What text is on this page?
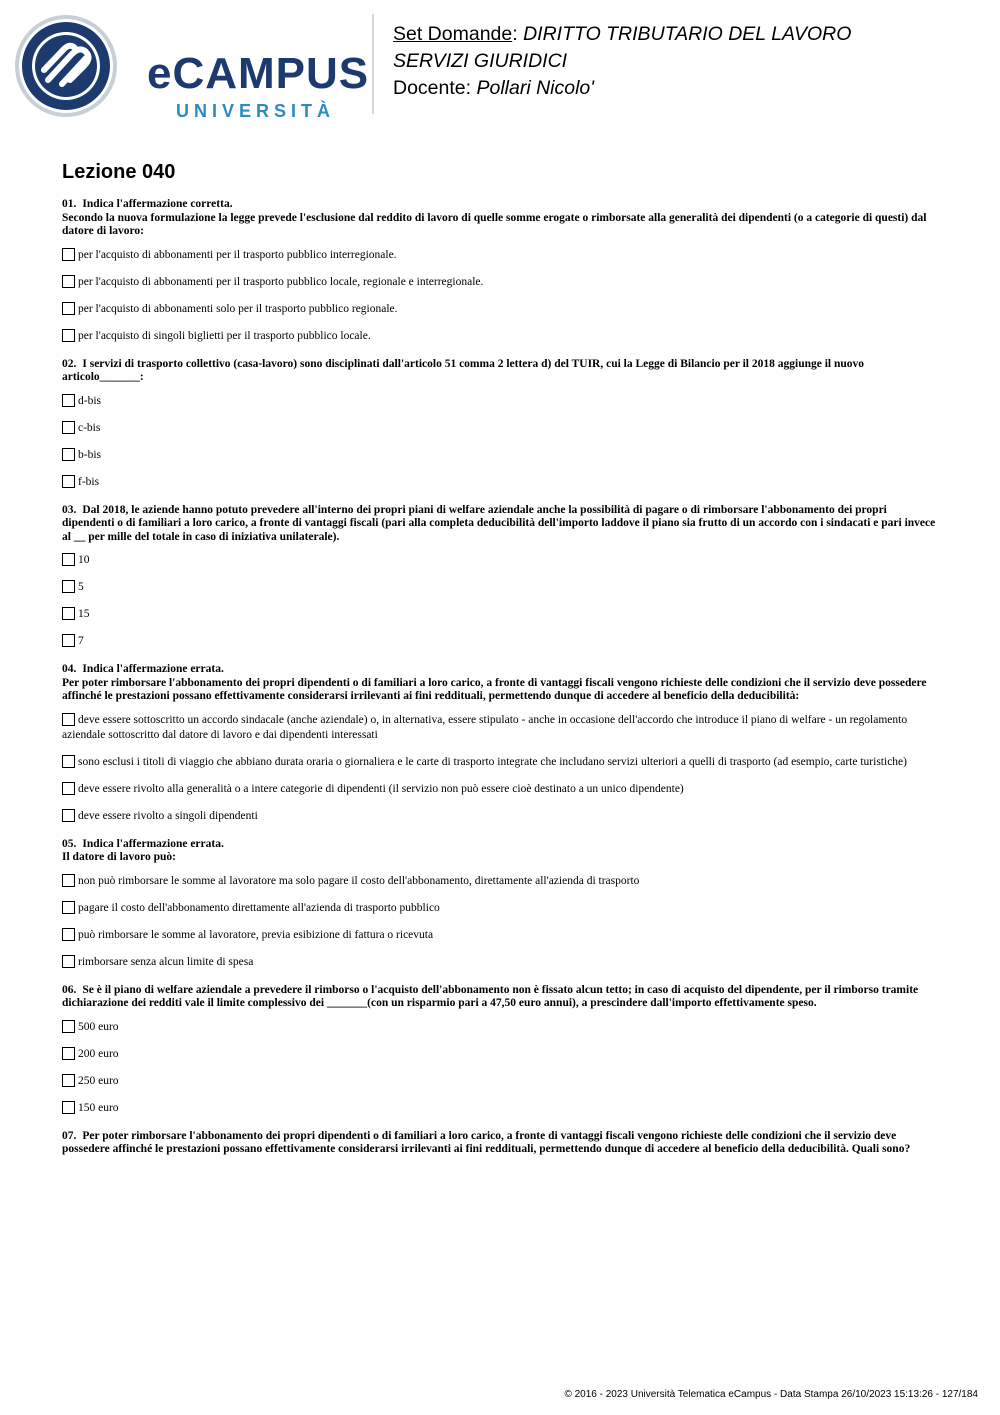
eCAMPUS
UNIVERSITÀ
Set Domande: DIRITTO TRIBUTARIO DEL LAVORO
SERVIZI GIURIDICI
Docente: Pollari Nicolo'
Lezione 040
01. Indica l'affermazione corretta.
Secondo la nuova formulazione la legge prevede l'esclusione dal reddito di lavoro di quelle somme erogate o rimborsate alla generalità dei dipendenti (o a categorie di questi) dal datore di lavoro:
per l'acquisto di abbonamenti per il trasporto pubblico interregionale.
per l'acquisto di abbonamenti per il trasporto pubblico locale, regionale e interregionale.
per l'acquisto di abbonamenti solo per il trasporto pubblico regionale.
per l'acquisto di singoli biglietti per il trasporto pubblico locale.
02. I servizi di trasporto collettivo (casa-lavoro) sono disciplinati dall'articolo 51 comma 2 lettera d) del TUIR, cui la Legge di Bilancio per il 2018 aggiunge il nuovo articolo_______:
d-bis
c-bis
b-bis
f-bis
03. Dal 2018, le aziende hanno potuto prevedere all'interno dei propri piani di welfare aziendale anche la possibilità di pagare o di rimborsare l'abbonamento dei propri dipendenti o di familiari a loro carico, a fronte di vantaggi fiscali (pari alla completa deducibilità dell'importo laddove il piano sia frutto di un accordo con i sindacati e pari invece al __ per mille del totale in caso di iniziativa unilaterale).
10
5
15
7
04. Indica l'affermazione errata.
Per poter rimborsare l'abbonamento dei propri dipendenti o di familiari a loro carico, a fronte di vantaggi fiscali vengono richieste delle condizioni che il servizio deve possedere affinché le prestazioni possano effettivamente considerarsi irrilevanti ai fini reddituali, permettendo dunque di accedere al beneficio della deducibilità:
deve essere sottoscritto un accordo sindacale (anche aziendale) o, in alternativa, essere stipulato - anche in occasione dell'accordo che introduce il piano di welfare - un regolamento aziendale sottoscritto dal datore di lavoro e dai dipendenti interessati
sono esclusi i titoli di viaggio che abbiano durata oraria o giornaliera e le carte di trasporto integrate che includano servizi ulteriori a quelli di trasporto (ad esempio, carte turistiche)
deve essere rivolto alla generalità o a intere categorie di dipendenti (il servizio non può essere cioè destinato a un unico dipendente)
deve essere rivolto a singoli dipendenti
05. Indica l'affermazione errata.
Il datore di lavoro può:
non può rimborsare le somme al lavoratore ma solo pagare il costo dell'abbonamento, direttamente all'azienda di trasporto
pagare il costo dell'abbonamento direttamente all'azienda di trasporto pubblico
può rimborsare le somme al lavoratore, previa esibizione di fattura o ricevuta
rimborsare senza alcun limite di spesa
06. Se è il piano di welfare aziendale a prevedere il rimborso o l'acquisto dell'abbonamento non è fissato alcun tetto; in caso di acquisto del dipendente, per il rimborso tramite dichiarazione dei redditi vale il limite complessivo dei _______(con un risparmio pari a 47,50 euro annui), a prescindere dall'importo effettivamente speso.
500 euro
200 euro
250 euro
150 euro
07. Per poter rimborsare l'abbonamento dei propri dipendenti o di familiari a loro carico, a fronte di vantaggi fiscali vengono richieste delle condizioni che il servizio deve possedere affinché le prestazioni possano effettivamente considerarsi irrilevanti ai fini reddituali, permettendo dunque di accedere al beneficio della deducibilità. Quali sono?
© 2016 - 2023 Università Telematica eCampus - Data Stampa 26/10/2023 15:13:26 - 127/184
